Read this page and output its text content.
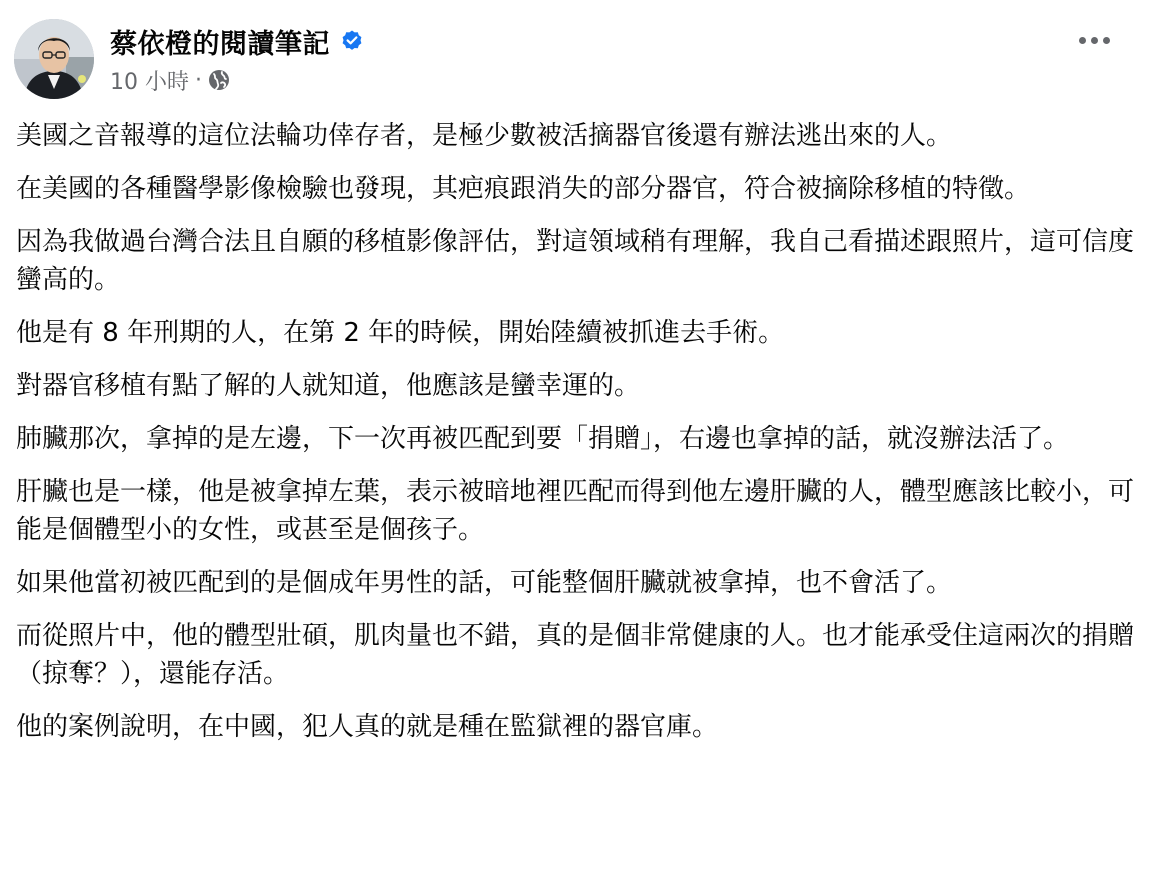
蔡依橙的閱讀筆記
10 小時 ·

美國之音報導的這位法輪功倖存者，是極少數被活摘器官後還有辦法逃出來的人。

在美國的各種醫學影像檢驗也發現，其疤痕跟消失的部分器官，符合被摘除移植的特徵。

因為我做過台灣合法且自願的移植影像評估，對這領域稍有理解，我自己看描述跟照片，這可信度蠻高的。

他是有 8 年刑期的人，在第 2 年的時候，開始陸續被抓進去手術。

對器官移植有點了解的人就知道，他應該是蠻幸運的。

肺臟那次，拿掉的是左邊，下一次再被匹配到要「捐贈」，右邊也拿掉的話，就沒辦法活了。

肝臟也是一樣，他是被拿掉左葉，表示被暗地裡匹配而得到他左邊肝臟的人，體型應該比較小，可能是個體型小的女性，或甚至是個孩子。

如果他當初被匹配到的是個成年男性的話，可能整個肝臟就被拿掉，也不會活了。

而從照片中，他的體型壯碩，肌肉量也不錯，真的是個非常健康的人。也才能承受住這兩次的捐贈（掠奪？），還能存活。

他的案例說明，在中國，犯人真的就是種在監獄裡的器官庫。
